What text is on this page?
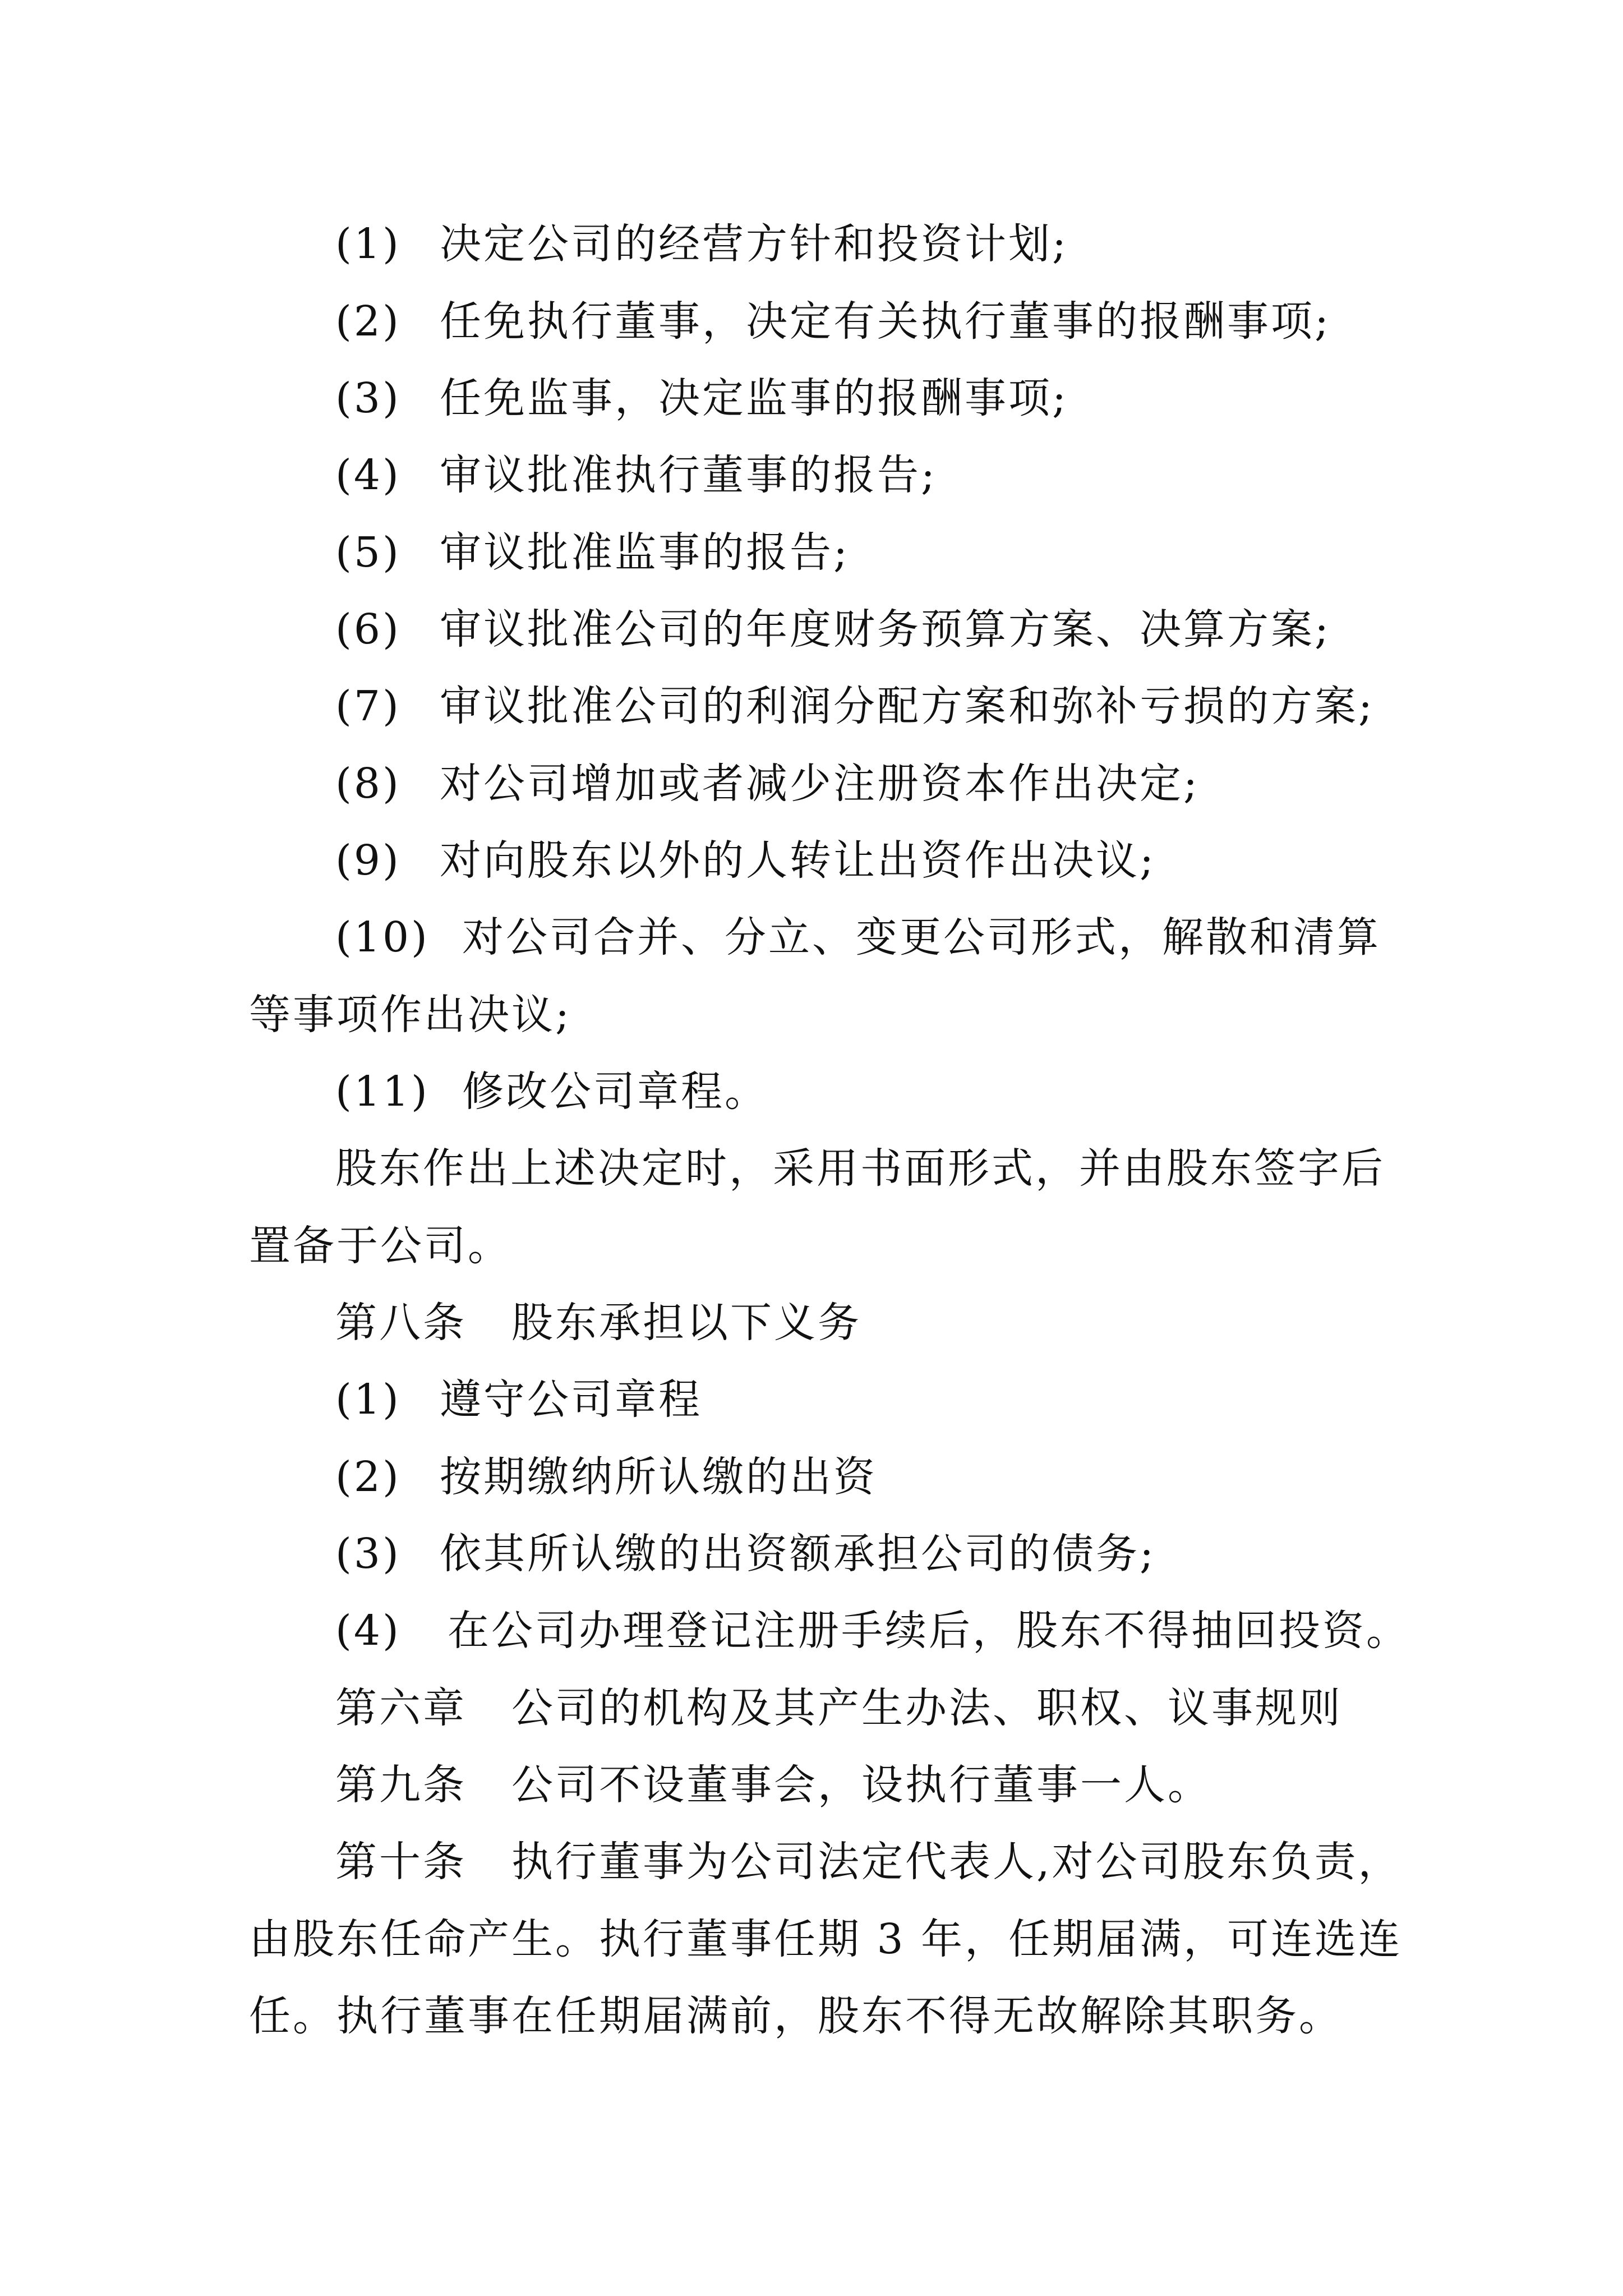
(1) 决定公司的经营方针和投资计划;
(2) 任免执行董事，决定有关执行董事的报酬事项;
(3) 任免监事，决定监事的报酬事项;
(4) 审议批准执行董事的报告;
(5) 审议批准监事的报告;
(6) 审议批准公司的年度财务预算方案、决算方案;
(7) 审议批准公司的利润分配方案和弥补亏损的方案;
(8) 对公司增加或者减少注册资本作出决定;
(9) 对向股东以外的人转让出资作出决议;
(10) 对公司合并、分立、变更公司形式，解散和清算
等事项作出决议;
(11) 修改公司章程。
股东作出上述决定时，采用书面形式，并由股东签字后
置备于公司。
第八条 股东承担以下义务
(1) 遵守公司章程
(2) 按期缴纳所认缴的出资
(3) 依其所认缴的出资额承担公司的债务;
(4) 在公司办理登记注册手续后，股东不得抽回投资。
第六章 公司的机构及其产生办法、职权、议事规则
第九条 公司不设董事会，设执行董事一人。
第十条 执行董事为公司法定代表人,对公司股东负责，
由股东任命产生。执行董事任期 3 年，任期届满，可连选连
任。执行董事在任期届满前，股东不得无故解除其职务。
